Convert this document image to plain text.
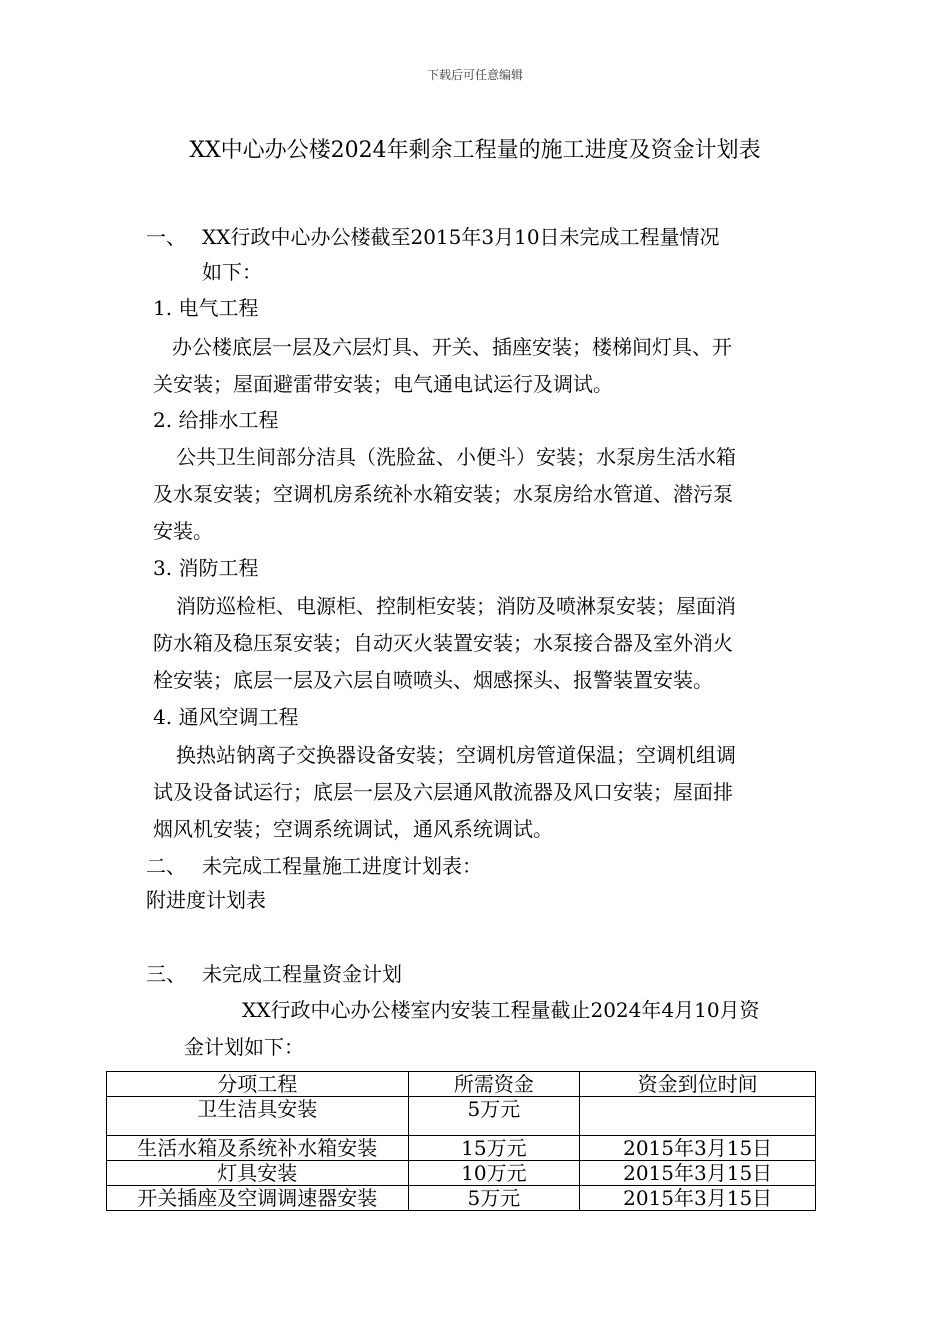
下载后可任意编辑
XX中心办公楼2024年剩余工程量的施工进度及资金计划表
一、 XX行政中心办公楼截至2015年3月10日未完成工程量情况
如下：
1. 电气工程
办公楼底层一层及六层灯具、开关、插座安装；楼梯间灯具、开
关安装；屋面避雷带安装；电气通电试运行及调试。
2. 给排水工程
公共卫生间部分洁具（洗脸盆、小便斗）安装；水泵房生活水箱
及水泵安装；空调机房系统补水箱安装；水泵房给水管道、潜污泵
安装。
3. 消防工程
消防巡检柜、电源柜、控制柜安装；消防及喷淋泵安装；屋面消
防水箱及稳压泵安装；自动灭火装置安装；水泵接合器及室外消火
栓安装；底层一层及六层自喷喷头、烟感探头、报警装置安装。
4. 通风空调工程
换热站钠离子交换器设备安装；空调机房管道保温；空调机组调
试及设备试运行；底层一层及六层通风散流器及风口安装；屋面排
烟风机安装；空调系统调试，通风系统调试。
二、 未完成工程量施工进度计划表：
附进度计划表
三、 未完成工程量资金计划
XX行政中心办公楼室内安装工程量截止2024年4月10月资
金计划如下：
分项工程	所需资金	资金到位时间
卫生洁具安装	5万元	
生活水箱及系统补水箱安装	15万元	2015年3月15日
灯具安装	10万元	2015年3月15日
开关插座及空调调速器安装	5万元	2015年3月15日
